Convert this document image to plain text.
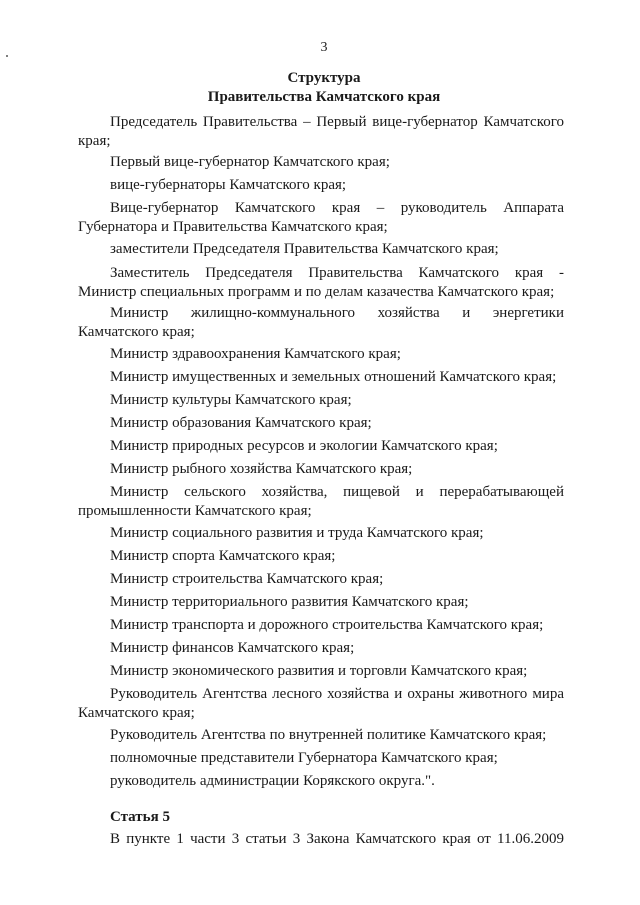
3
Структура
Правительства Камчатского края
Председатель Правительства – Первый вице-губернатор Камчатского края;
Первый вице-губернатор Камчатского края;
вице-губернаторы Камчатского края;
Вице-губернатор Камчатского края – руководитель Аппарата Губернатора и Правительства Камчатского края;
заместители Председателя Правительства Камчатского края;
Заместитель Председателя Правительства Камчатского края - Министр специальных программ и по делам казачества Камчатского края;
Министр жилищно-коммунального хозяйства и энергетики Камчатского края;
Министр здравоохранения Камчатского края;
Министр имущественных и земельных отношений Камчатского края;
Министр культуры Камчатского края;
Министр образования Камчатского края;
Министр природных ресурсов и экологии Камчатского края;
Министр рыбного хозяйства Камчатского края;
Министр сельского хозяйства, пищевой и перерабатывающей промышленности Камчатского края;
Министр социального развития и труда Камчатского края;
Министр спорта Камчатского края;
Министр строительства Камчатского края;
Министр территориального развития Камчатского края;
Министр транспорта и дорожного строительства Камчатского края;
Министр финансов Камчатского края;
Министр экономического развития и торговли Камчатского края;
Руководитель Агентства лесного хозяйства и охраны животного мира Камчатского края;
Руководитель Агентства по внутренней политике Камчатского края;
полномочные представители Губернатора Камчатского края;
руководитель администрации Корякского округа.".
Статья 5
В пункте 1 части 3 статьи 3 Закона Камчатского края от 11.06.2009
